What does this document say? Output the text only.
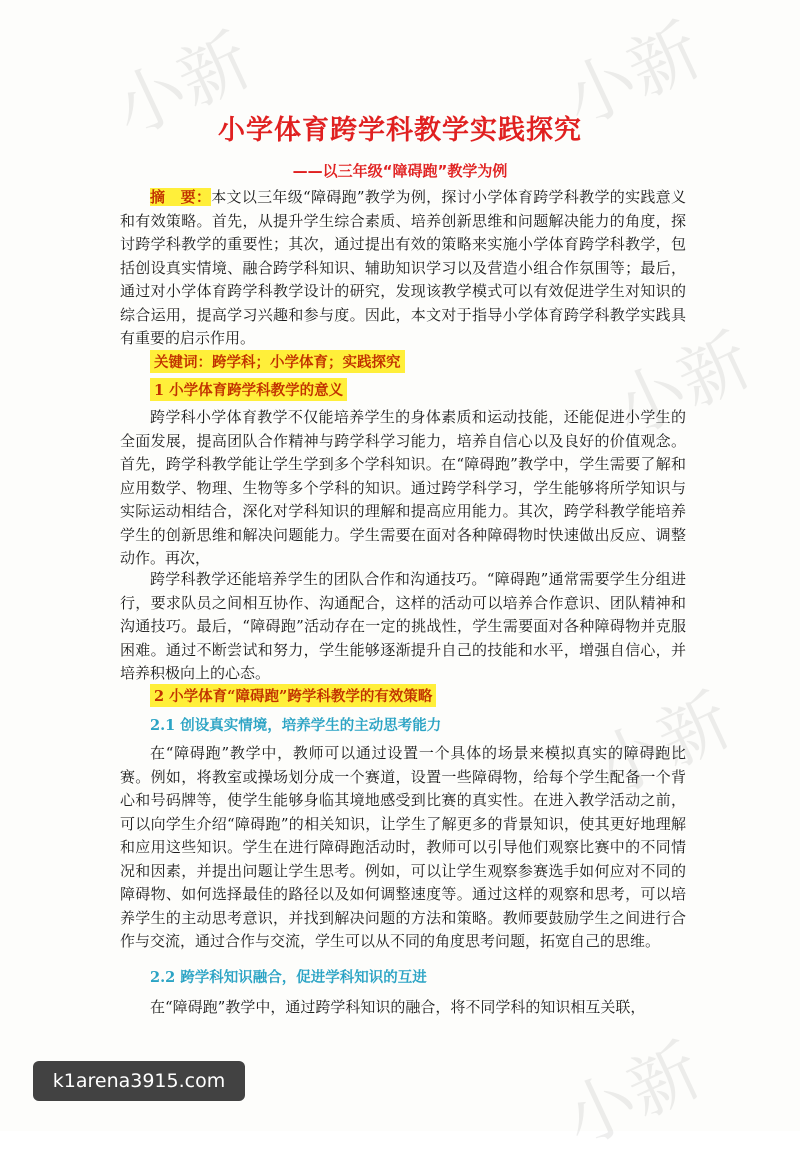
小新	小新
小新
小新
小新
小学体育跨学科教学实践探究
——以三年级“障碍跑”教学为例

摘　要：本文以三年级“障碍跑”教学为例，探讨小学体育跨学科教学的实践意义和有效策略。首先，从提升学生综合素质、培养创新思维和问题解决能力的角度，探讨跨学科教学的重要性；其次，通过提出有效的策略来实施小学体育跨学科教学，包括创设真实情境、融合跨学科知识、辅助知识学习以及营造小组合作氛围等；最后，通过对小学体育跨学科教学设计的研究，发现该教学模式可以有效促进学生对知识的综合运用，提高学习兴趣和参与度。因此，本文对于指导小学体育跨学科教学实践具有重要的启示作用。

关键词：跨学科；小学体育；实践探究
1 小学体育跨学科教学的意义

跨学科小学体育教学不仅能培养学生的身体素质和运动技能，还能促进小学生的全面发展，提高团队合作精神与跨学科学习能力，培养自信心以及良好的价值观念。首先，跨学科教学能让学生学到多个学科知识。在“障碍跑”教学中，学生需要了解和应用数学、物理、生物等多个学科的知识。通过跨学科学习，学生能够将所学知识与实际运动相结合，深化对学科知识的理解和提高应用能力。其次，跨学科教学能培养学生的创新思维和解决问题能力。学生需要在面对各种障碍物时快速做出反应、调整动作。再次，

跨学科教学还能培养学生的团队合作和沟通技巧。“障碍跑”通常需要学生分组进行，要求队员之间相互协作、沟通配合，这样的活动可以培养合作意识、团队精神和沟通技巧。最后，“障碍跑”活动存在一定的挑战性，学生需要面对各种障碍物并克服困难。通过不断尝试和努力，学生能够逐渐提升自己的技能和水平，增强自信心，并培养积极向上的心态。

2 小学体育“障碍跑”跨学科教学的有效策略
2.1 创设真实情境，培养学生的主动思考能力

在“障碍跑”教学中，教师可以通过设置一个具体的场景来模拟真实的障碍跑比赛。例如，将教室或操场划分成一个赛道，设置一些障碍物，给每个学生配备一个背心和号码牌等，使学生能够身临其境地感受到比赛的真实性。在进入教学活动之前，可以向学生介绍“障碍跑”的相关知识，让学生了解更多的背景知识，使其更好地理解和应用这些知识。学生在进行障碍跑活动时，教师可以引导他们观察比赛中的不同情况和因素，并提出问题让学生思考。例如，可以让学生观察参赛选手如何应对不同的障碍物、如何选择最佳的路径以及如何调整速度等。通过这样的观察和思考，可以培养学生的主动思考意识，并找到解决问题的方法和策略。教师要鼓励学生之间进行合作与交流，通过合作与交流，学生可以从不同的角度思考问题，拓宽自己的思维。

2.2 跨学科知识融合，促进学科知识的互进

在“障碍跑”教学中，通过跨学科知识的融合，将不同学科的知识相互关联，

k1arena3915.com
